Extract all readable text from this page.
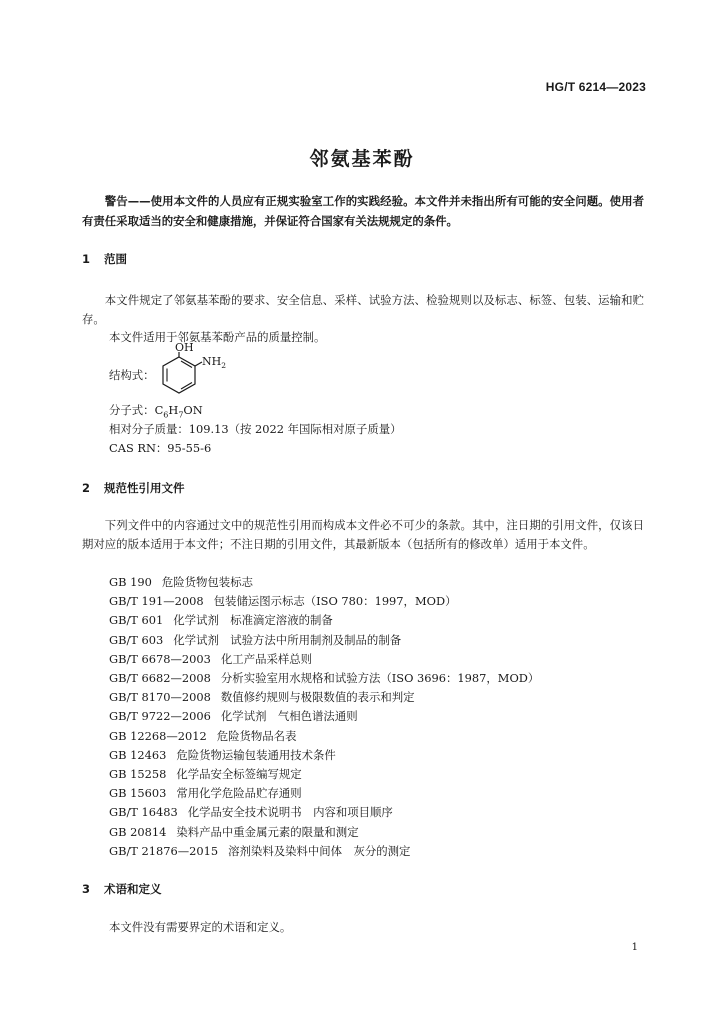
HG/T 6214—2023
邻氨基苯酚
警告——使用本文件的人员应有正规实验室工作的实践经验。本文件并未指出所有可能的安全问题。使用者有责任采取适当的安全和健康措施，并保证符合国家有关法规规定的条件。
1 范围
本文件规定了邻氨基苯酚的要求、安全信息、采样、试验方法、检验规则以及标志、标签、包装、运输和贮存。
本文件适用于邻氨基苯酚产品的质量控制。
结构式：
OH
$NH_2$
分子式：$C_6H_7ON$
相对分子质量：109.13（按 2022 年国际相对原子质量）
CAS RN：95-55-6
2 规范性引用文件
下列文件中的内容通过文中的规范性引用而构成本文件必不可少的条款。其中，注日期的引用文件，仅该日期对应的版本适用于本文件；不注日期的引用文件，其最新版本（包括所有的修改单）适用于本文件。
GB 190 危险货物包装标志
GB/T 191—2008 包装储运图示标志（ISO 780：1997，MOD）
GB/T 601 化学试剂　标准滴定溶液的制备
GB/T 603 化学试剂　试验方法中所用制剂及制品的制备
GB/T 6678—2003 化工产品采样总则
GB/T 6682—2008 分析实验室用水规格和试验方法（ISO 3696：1987，MOD）
GB/T 8170—2008 数值修约规则与极限数值的表示和判定
GB/T 9722—2006 化学试剂　气相色谱法通则
GB 12268—2012 危险货物品名表
GB 12463 危险货物运输包装通用技术条件
GB 15258 化学品安全标签编写规定
GB 15603 常用化学危险品贮存通则
GB/T 16483 化学品安全技术说明书　内容和项目顺序
GB 20814 染料产品中重金属元素的限量和测定
GB/T 21876—2015 溶剂染料及染料中间体　灰分的测定
3 术语和定义
本文件没有需要界定的术语和定义。
1
